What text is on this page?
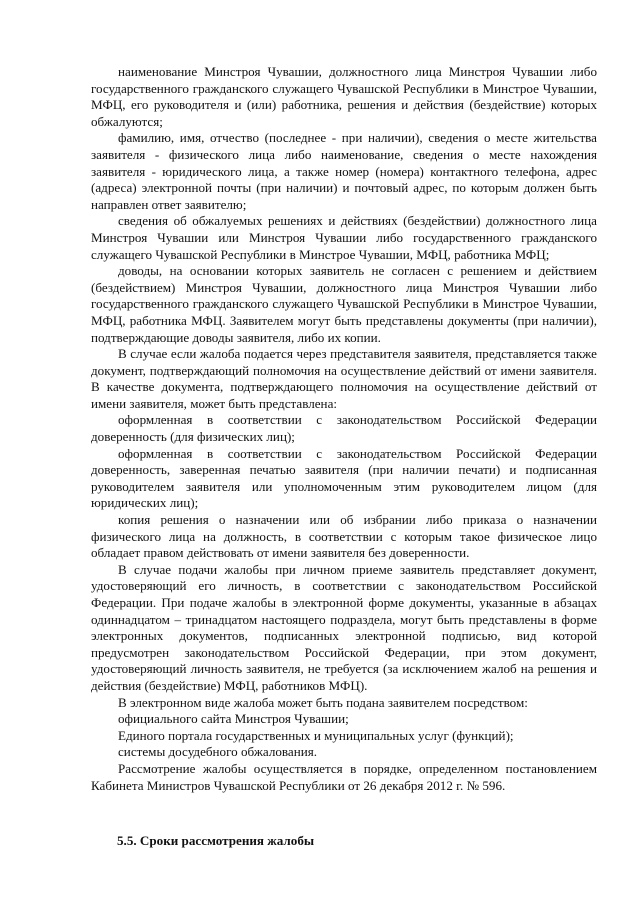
наименование Минстроя Чувашии, должностного лица Минстроя Чувашии либо государственного гражданского служащего Чувашской Республики в Минстрое Чувашии, МФЦ, его руководителя и (или) работника, решения и действия (бездействие) которых обжалуются;

фамилию, имя, отчество (последнее - при наличии), сведения о месте жительства заявителя - физического лица либо наименование, сведения о месте нахождения заявителя - юридического лица, а также номер (номера) контактного телефона, адрес (адреса) электронной почты (при наличии) и почтовый адрес, по которым должен быть направлен ответ заявителю;

сведения об обжалуемых решениях и действиях (бездействии) должностного лица Минстроя Чувашии или Минстроя Чувашии либо государственного гражданского служащего Чувашской Республики в Минстрое Чувашии, МФЦ, работника МФЦ;

доводы, на основании которых заявитель не согласен с решением и действием (бездействием) Минстроя Чувашии, должностного лица Минстроя Чувашии либо государственного гражданского служащего Чувашской Республики в Минстрое Чувашии, МФЦ, работника МФЦ. Заявителем могут быть представлены документы (при наличии), подтверждающие доводы заявителя, либо их копии.

В случае если жалоба подается через представителя заявителя, представляется также документ, подтверждающий полномочия на осуществление действий от имени заявителя. В качестве документа, подтверждающего полномочия на осуществление действий от имени заявителя, может быть представлена:

оформленная в соответствии с законодательством Российской Федерации доверенность (для физических лиц);

оформленная в соответствии с законодательством Российской Федерации доверенность, заверенная печатью заявителя (при наличии печати) и подписанная руководителем заявителя или уполномоченным этим руководителем лицом (для юридических лиц);

копия решения о назначении или об избрании либо приказа о назначении физического лица на должность, в соответствии с которым такое физическое лицо обладает правом действовать от имени заявителя без доверенности.

В случае подачи жалобы при личном приеме заявитель представляет документ, удостоверяющий его личность, в соответствии с законодательством Российской Федерации. При подаче жалобы в электронной форме документы, указанные в абзацах одиннадцатом – тринадцатом настоящего подраздела, могут быть представлены в форме электронных документов, подписанных электронной подписью, вид которой предусмотрен законодательством Российской Федерации, при этом документ, удостоверяющий личность заявителя, не требуется (за исключением жалоб на решения и действия (бездействие) МФЦ, работников МФЦ).

В электронном виде жалоба может быть подана заявителем посредством:

официального сайта Минстроя Чувашии;

Единого портала государственных и муниципальных услуг (функций);

системы досудебного обжалования.

Рассмотрение жалобы осуществляется в порядке, определенном постановлением Кабинета Министров Чувашской Республики от 26 декабря 2012 г. № 596.

5.5. Сроки рассмотрения жалобы
